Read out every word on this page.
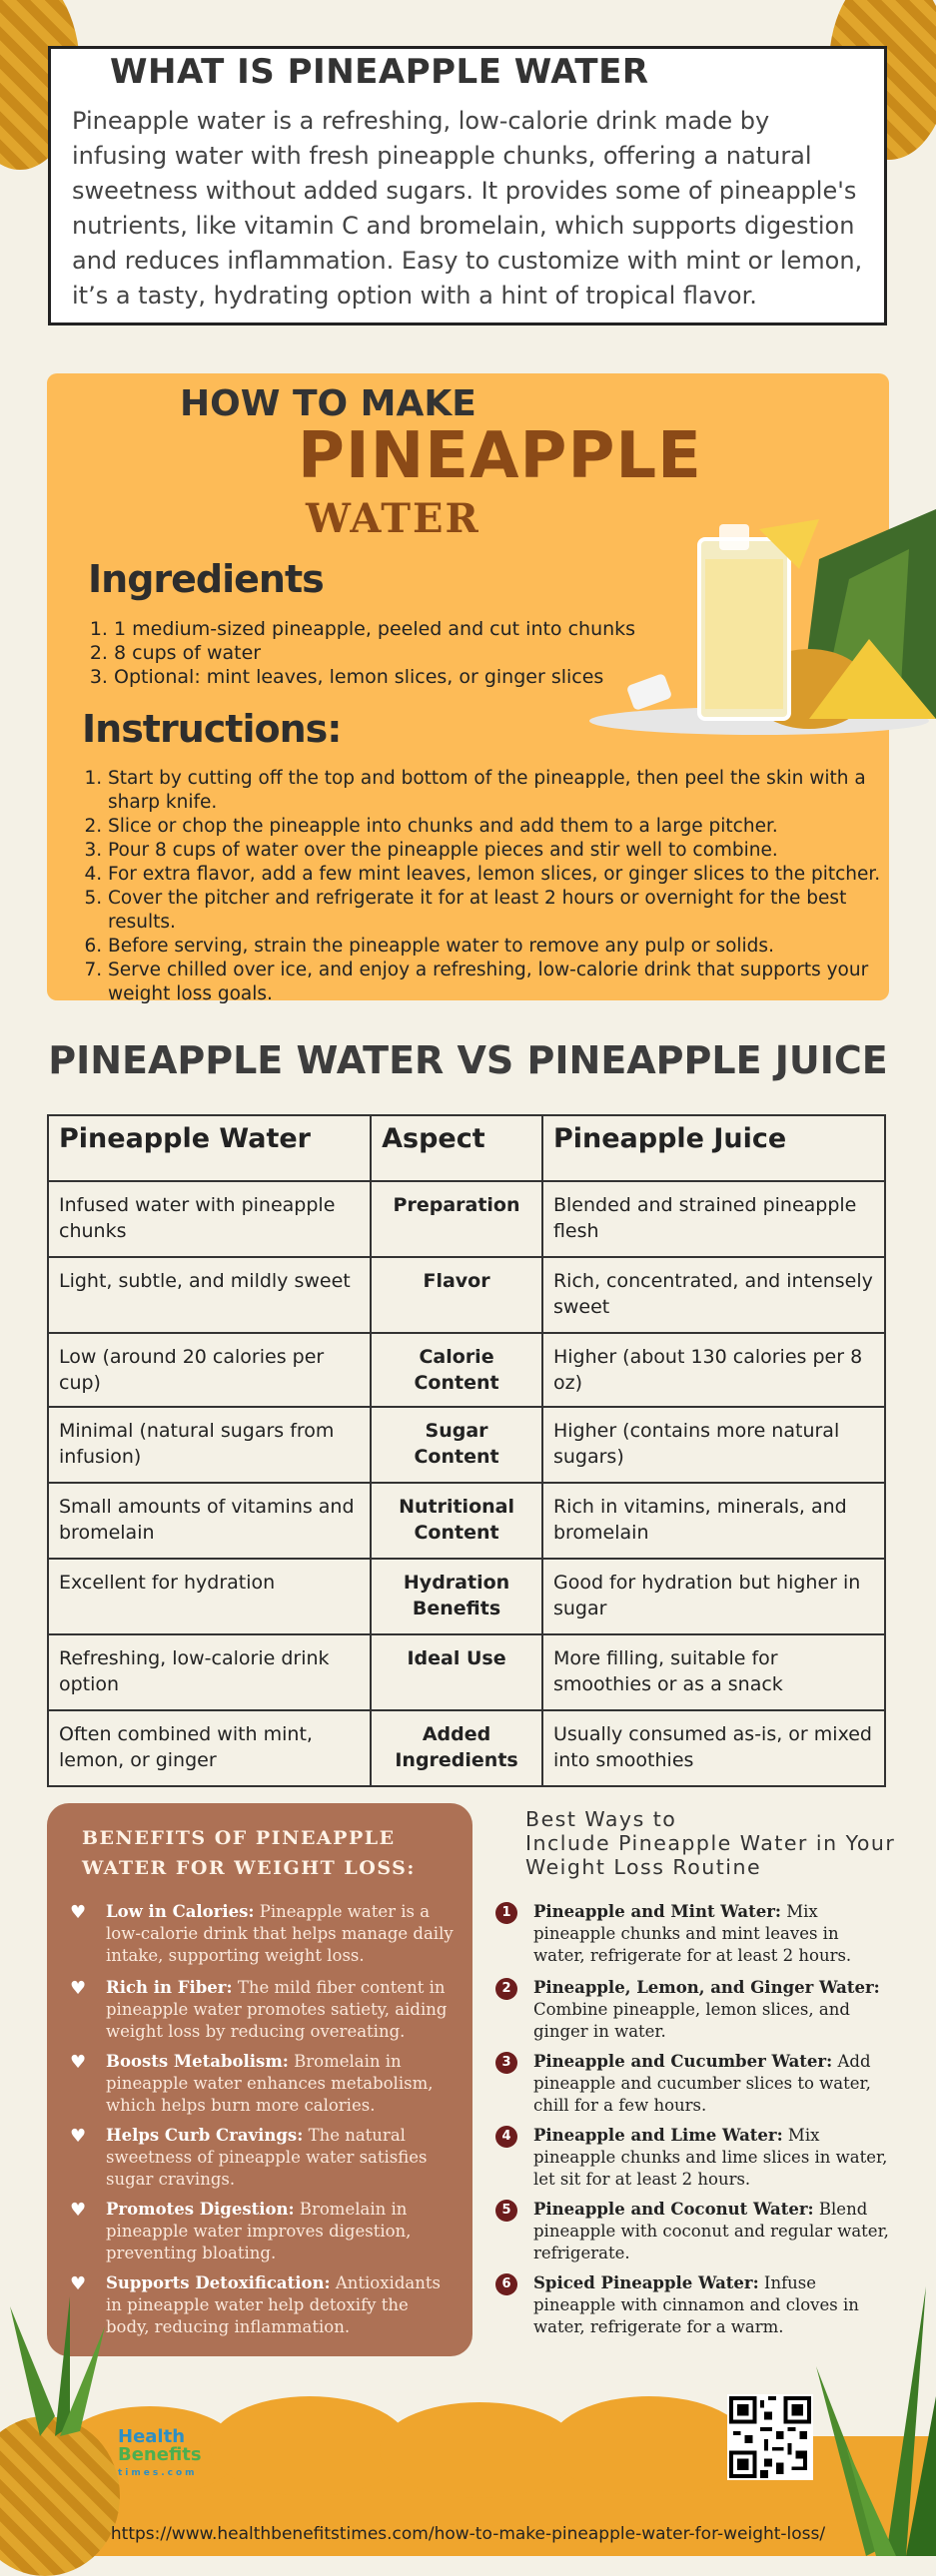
WHAT IS PINEAPPLE WATER
Pineapple water is a refreshing, low-calorie drink made by infusing water with fresh pineapple chunks, offering a natural sweetness without added sugars. It provides some of pineapple's nutrients, like vitamin C and bromelain, which supports digestion and reduces inflammation. Easy to customize with mint or lemon, it’s a tasty, hydrating option with a hint of tropical flavor.
HOW TO MAKE
PINEAPPLE
WATER
Ingredients
1. 1 medium-sized pineapple, peeled and cut into chunks
2. 8 cups of water
3. Optional: mint leaves, lemon slices, or ginger slices
Instructions:
1. Start by cutting off the top and bottom of the pineapple, then peel the skin with a sharp knife.
2. Slice or chop the pineapple into chunks and add them to a large pitcher.
3. Pour 8 cups of water over the pineapple pieces and stir well to combine.
4. For extra flavor, add a few mint leaves, lemon slices, or ginger slices to the pitcher.
5. Cover the pitcher and refrigerate it for at least 2 hours or overnight for the best results.
6. Before serving, strain the pineapple water to remove any pulp or solids.
7. Serve chilled over ice, and enjoy a refreshing, low-calorie drink that supports your weight loss goals.
PINEAPPLE WATER VS PINEAPPLE JUICE
Pineapple Water	Aspect	Pineapple Juice
Infused water with pineapple chunks	Preparation	Blended and strained pineapple flesh
Light, subtle, and mildly sweet	Flavor	Rich, concentrated, and intensely sweet
Low (around 20 calories per cup)	Calorie Content	Higher (about 130 calories per 8 oz)
Minimal (natural sugars from infusion)	Sugar Content	Higher (contains more natural sugars)
Small amounts of vitamins and bromelain	Nutritional Content	Rich in vitamins, minerals, and bromelain
Excellent for hydration	Hydration Benefits	Good for hydration but higher in sugar
Refreshing, low-calorie drink option	Ideal Use	More filling, suitable for smoothies or as a snack
Often combined with mint, lemon, or ginger	Added Ingredients	Usually consumed as-is, or mixed into smoothies
BENEFITS OF PINEAPPLE WATER FOR WEIGHT LOSS:
♥ Low in Calories: Pineapple water is a low-calorie drink that helps manage daily intake, supporting weight loss.
♥ Rich in Fiber: The mild fiber content in pineapple water promotes satiety, aiding weight loss by reducing overeating.
♥ Boosts Metabolism: Bromelain in pineapple water enhances metabolism, which helps burn more calories.
♥ Helps Curb Cravings: The natural sweetness of pineapple water satisfies sugar cravings.
♥ Promotes Digestion: Bromelain in pineapple water improves digestion, preventing bloating.
♥ Supports Detoxification: Antioxidants in pineapple water help detoxify the body, reducing inflammation.
Best Ways to
Include Pineapple Water in Your
Weight Loss Routine
1	Pineapple and Mint Water: Mix pineapple chunks and mint leaves in water, refrigerate for at least 2 hours.
2	Pineapple, Lemon, and Ginger Water: Combine pineapple, lemon slices, and ginger in water.
3	Pineapple and Cucumber Water: Add pineapple and cucumber slices to water, chill for a few hours.
4	Pineapple and Lime Water: Mix pineapple chunks and lime slices in water, let sit for at least 2 hours.
5	Pineapple and Coconut Water: Blend pineapple with coconut and regular water, refrigerate.
6	Spiced Pineapple Water: Infuse pineapple with cinnamon and cloves in water, refrigerate for a warm.
Health
Benefits
times.com
https://www.healthbenefitstimes.com/how-to-make-pineapple-water-for-weight-loss/
